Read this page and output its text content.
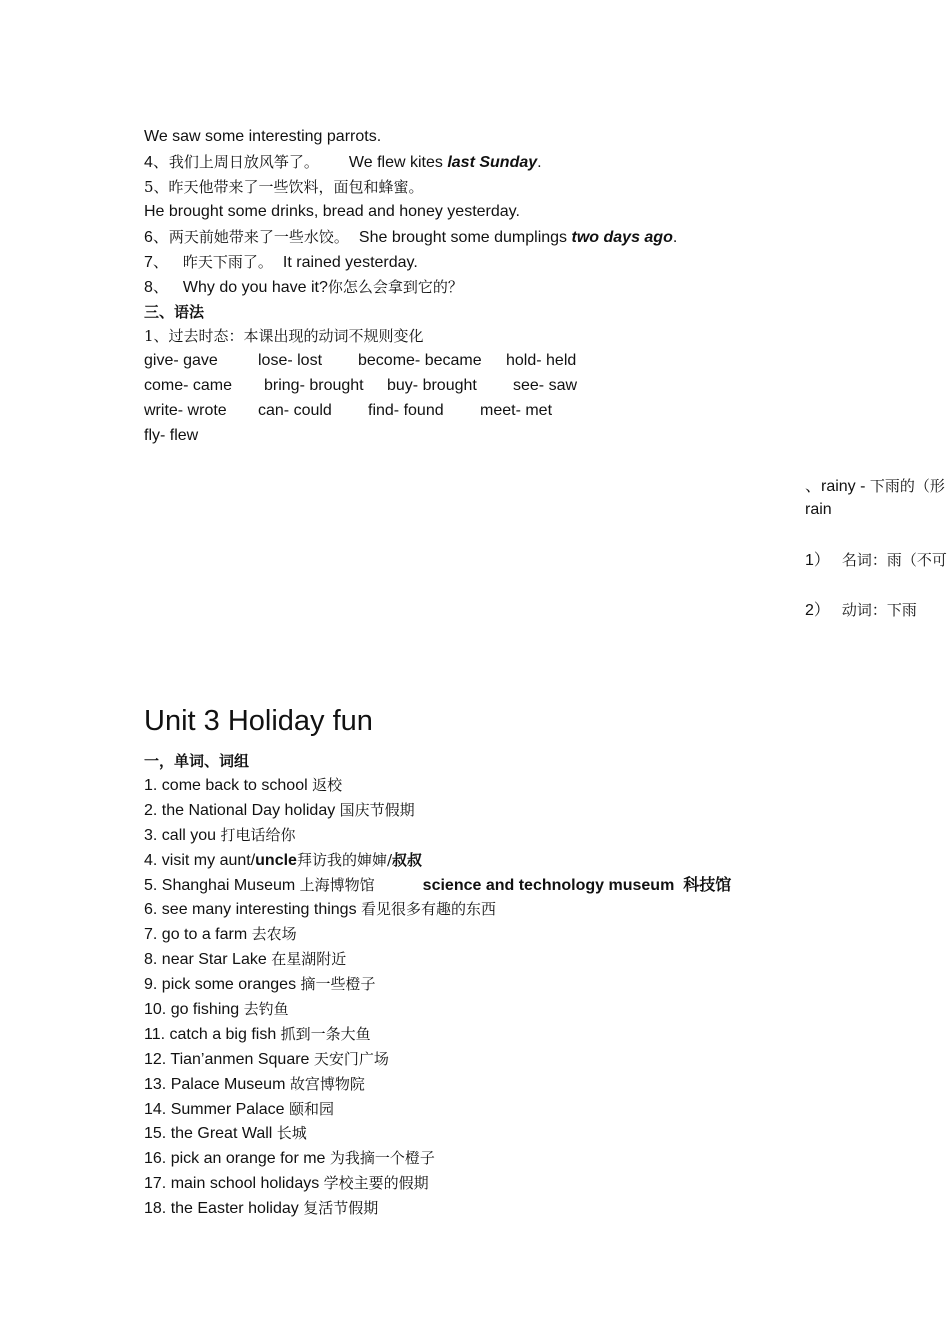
We saw some interesting parrots.
4、我们上周日放风筝了。 We flew kites last Sunday.
5、昨天他带来了一些饮料，面包和蜂蜜。
He brought some drinks, bread and honey yesterday.
6、两天前她带来了一些水饺。 She brought some dumplings two days ago.
7、 昨天下雨了。 It rained yesterday.
8、 Why do you have it?你怎么会拿到它的？
三、语法
1、过去时态：本课出现的动词不规则变化
give- gave	lose- lost become- became hold- held
come- came bring- brought buy- brought see- saw
write- wrote can- could find- found meet- met
fly- flew
、rainy - 下雨的（形
rain
1） 名词：雨（不可
2） 动词：下雨
Unit 3 Holiday fun
一，单词、词组
1. come back to school 返校
2. the National Day holiday 国庆节假期
3. call you 打电话给你
4. visit my aunt/uncle拜访我的婶婶/叔叔
5. Shanghai Museum 上海博物馆	science and technology museum  科技馆
6. see many interesting things 看见很多有趣的东西
7. go to a farm 去农场
8. near Star Lake 在星湖附近
9. pick some oranges 摘一些橙子
10. go fishing 去钓鱼
11. catch a big fish 抓到一条大鱼
12. Tian’anmen Square 天安门广场
13. Palace Museum 故宫博物院
14. Summer Palace 颐和园
15. the Great Wall 长城
16. pick an orange for me 为我摘一个橙子
17. main school holidays 学校主要的假期
18. the Easter holiday 复活节假期
